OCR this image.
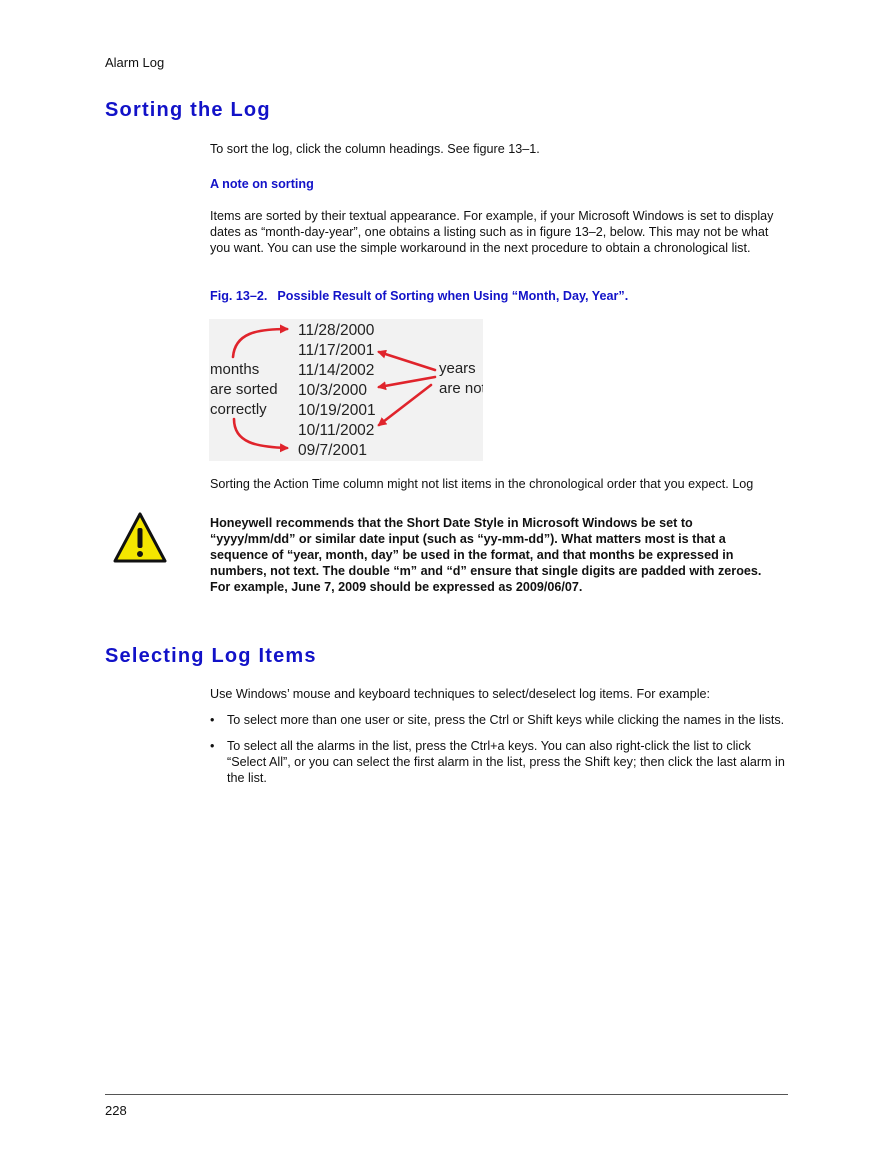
Alarm Log
Sorting the Log
To sort the log, click the column headings. See figure 13–1.
A note on sorting
Items are sorted by their textual appearance. For example, if your Microsoft Windows is set to display dates as “month-day-year”, one obtains a listing such as in figure 13–2, below. This may not be what you want. You can use the simple workaround in the next procedure to obtain a chronological list.
Fig. 13–2. Possible Result of Sorting when Using “Month, Day, Year”.
11/28/2000
11/17/2001
11/14/2002
10/3/2000
10/19/2001
10/11/2002
09/7/2001
months
are sorted
correctly
years
are not
Sorting the Action Time column might not list items in the chronological order that you expect. Log
Honeywell recommends that the Short Date Style in Microsoft Windows be set to “yyyy/mm/dd” or similar date input (such as “yy-mm-dd”). What matters most is that a sequence of “year, month, day” be used in the format, and that months be expressed in numbers, not text. The double “m” and “d” ensure that single digits are padded with zeroes. For example, June 7, 2009 should be expressed as 2009/06/07.
Selecting Log Items
Use Windows’ mouse and keyboard techniques to select/deselect log items. For example:
• To select more than one user or site, press the Ctrl or Shift keys while clicking the names in the lists.
• To select all the alarms in the list, press the Ctrl+a keys. You can also right-click the list to click “Select All”, or you can select the first alarm in the list, press the Shift key; then click the last alarm in the list.
228
